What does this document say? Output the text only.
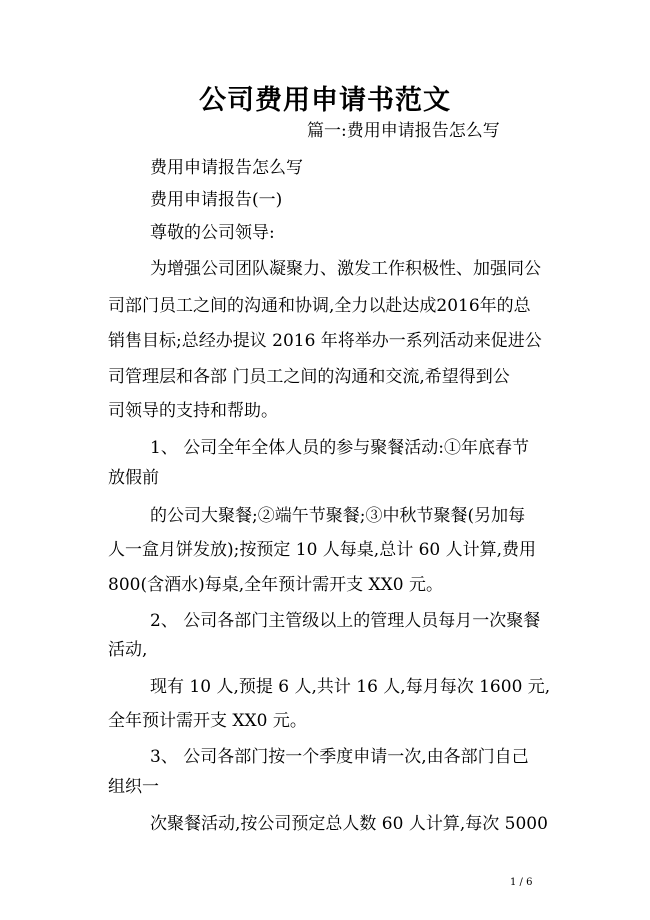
公司费用申请书范文
篇一:费用申请报告怎么写
费用申请报告怎么写
费用申请报告(一)
尊敬的公司领导:
为增强公司团队凝聚力、激发工作积极性、加强同公
司部门员工之间的沟通和协调,全力以赴达成2016年的总
销售目标;总经办提议 2016 年将举办一系列活动来促进公
司管理层和各部 门员工之间的沟通和交流,希望得到公
司领导的支持和帮助。
1、 公司全年全体人员的参与聚餐活动:①年底春节
放假前
的公司大聚餐;②端午节聚餐;③中秋节聚餐(另加每
人一盒月饼发放);按预定 10 人每桌,总计 60 人计算,费用
800(含酒水)每桌,全年预计需开支 XX0 元。
2、 公司各部门主管级以上的管理人员每月一次聚餐
活动,
现有 10 人,预提 6 人,共计 16 人,每月每次 1600 元,
全年预计需开支 XX0 元。
3、 公司各部门按一个季度申请一次,由各部门自己
组织一
次聚餐活动,按公司预定总人数 60 人计算,每次 5000
1 / 6
